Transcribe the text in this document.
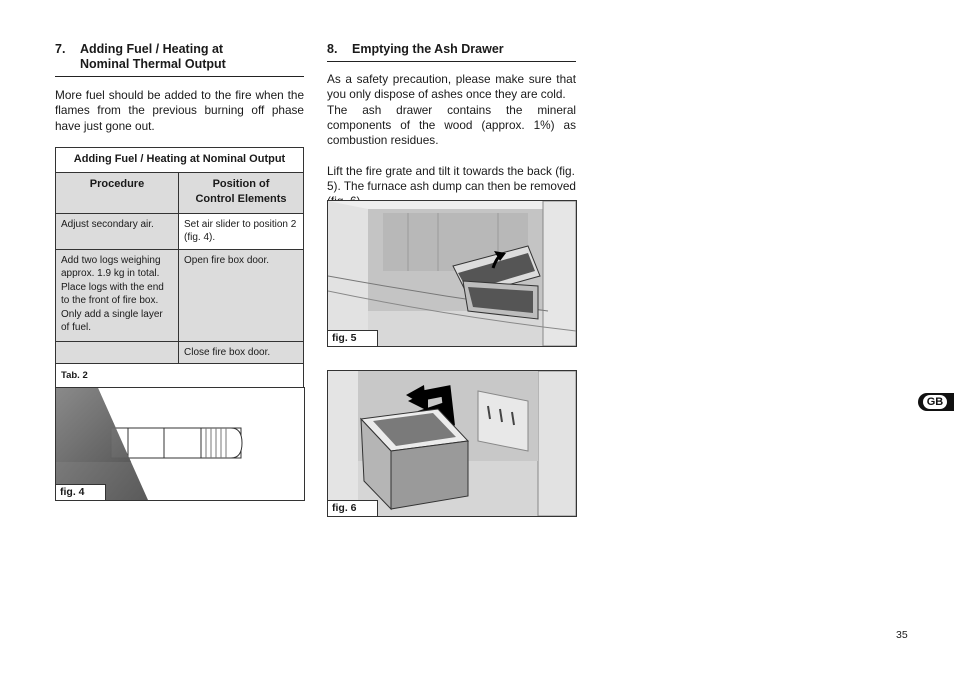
7. Adding Fuel / Heating at
Nominal Thermal Output

More fuel should be added to the fire when the flames from the previous burning off phase have just gone out.

Adding Fuel / Heating at Nominal Output	
Procedure	Position of
Control Elements

Adjust secondary air.	Set air slider to position 2 (fig. 4).
Add two logs weighing approx. 1.9 kg in total. Place logs with the end to the front of fire box. Only add a single layer of fuel.	Open fire box door.
	Close fire box door.
Tab. 2	
fig. 4
8. Emptying the Ash Drawer

As a safety precaution, please make sure that you only dispose of ashes once they are cold.

The ash drawer contains the mineral components of the wood (approx. 1%) as combustion residues.

Lift the fire grate and tilt it towards the back (fig. 5). The furnace ash dump can then be removed

fig. 5
fig. 6
GB
35
